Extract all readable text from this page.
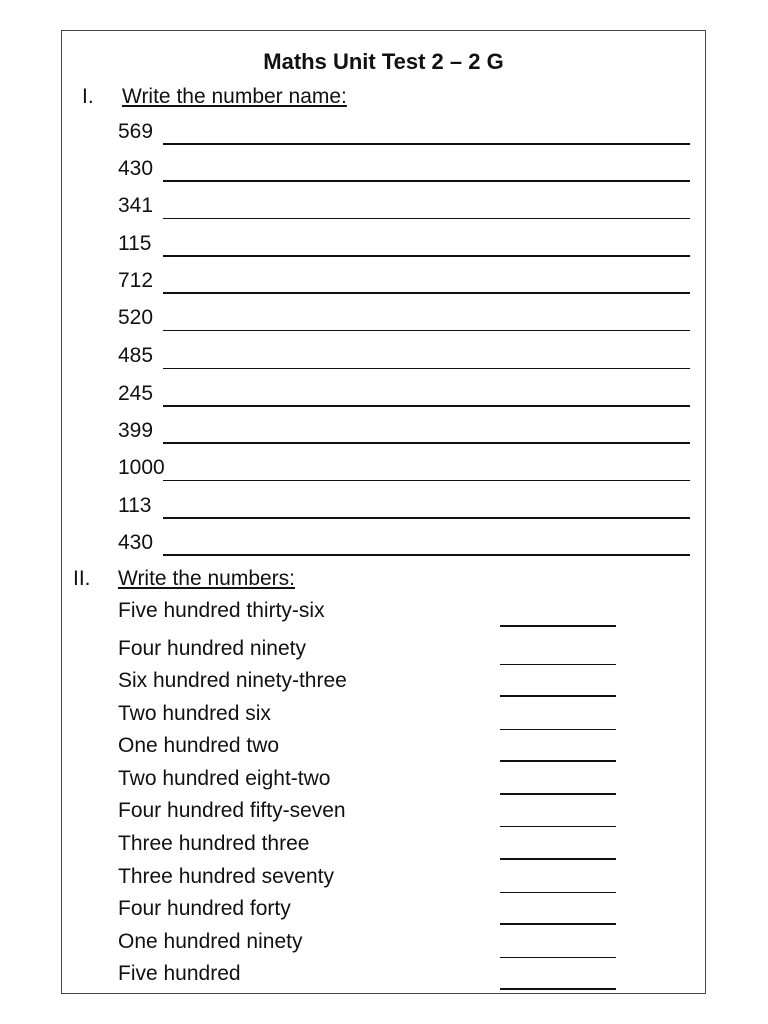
Maths Unit Test 2 – 2 G
I. Write the number name:
569
430
341
115
712
520
485
245
399
1000
113
430
II. Write the numbers:
Five hundred thirty-six
Four hundred ninety
Six hundred ninety-three
Two hundred six
One hundred two
Two hundred eight-two
Four hundred fifty-seven
Three hundred three
Three hundred seventy
Four hundred forty
One hundred ninety
Five hundred
